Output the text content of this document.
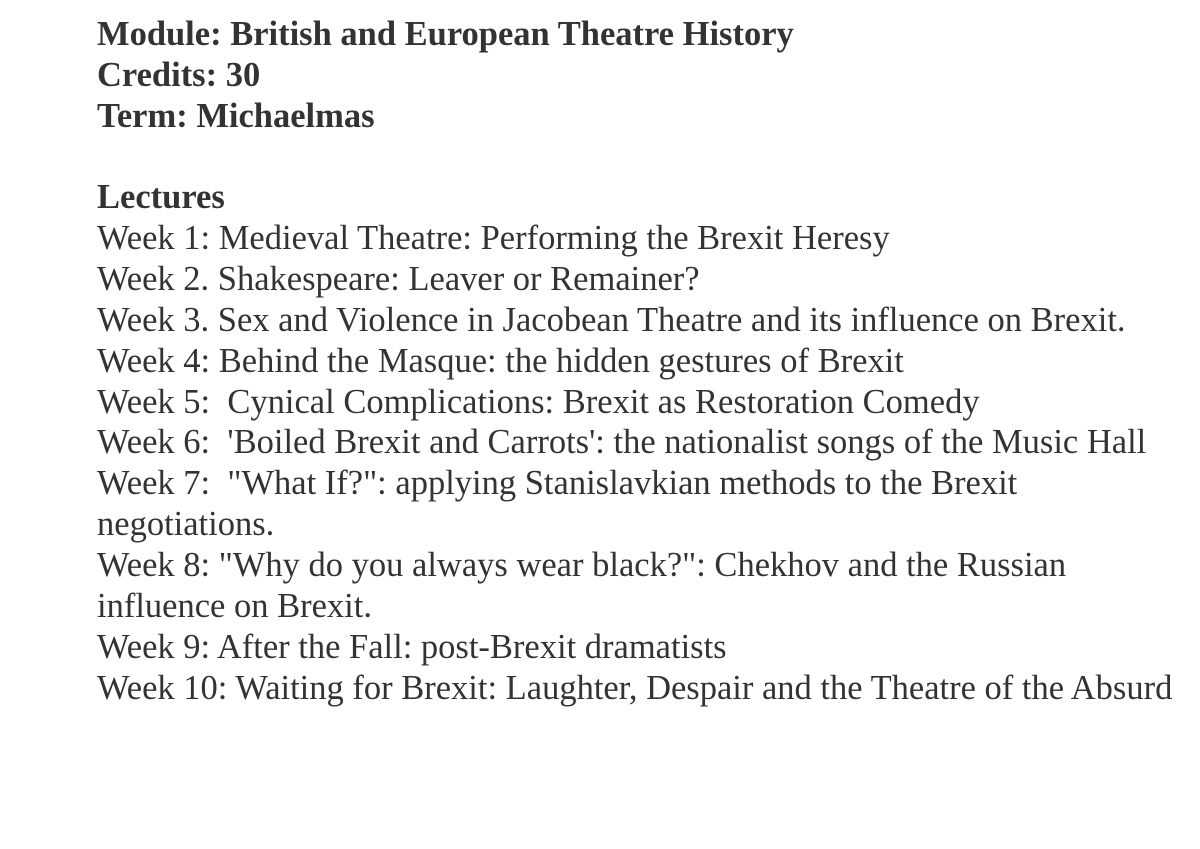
Module: British and European Theatre History
Credits: 30
Term: Michaelmas
Lectures
Week 1: Medieval Theatre: Performing the Brexit Heresy
Week 2. Shakespeare: Leaver or Remainer?
Week 3. Sex and Violence in Jacobean Theatre and its influence on Brexit.
Week 4: Behind the Masque: the hidden gestures of Brexit
Week 5:  Cynical Complications: Brexit as Restoration Comedy
Week 6:  'Boiled Brexit and Carrots': the nationalist songs of the Music Hall
Week 7:  "What If?": applying Stanislavkian methods to the Brexit negotiations.
Week 8: "Why do you always wear black?": Chekhov and the Russian influence on Brexit.
Week 9: After the Fall: post-Brexit dramatists
Week 10: Waiting for Brexit: Laughter, Despair and the Theatre of the Absurd
